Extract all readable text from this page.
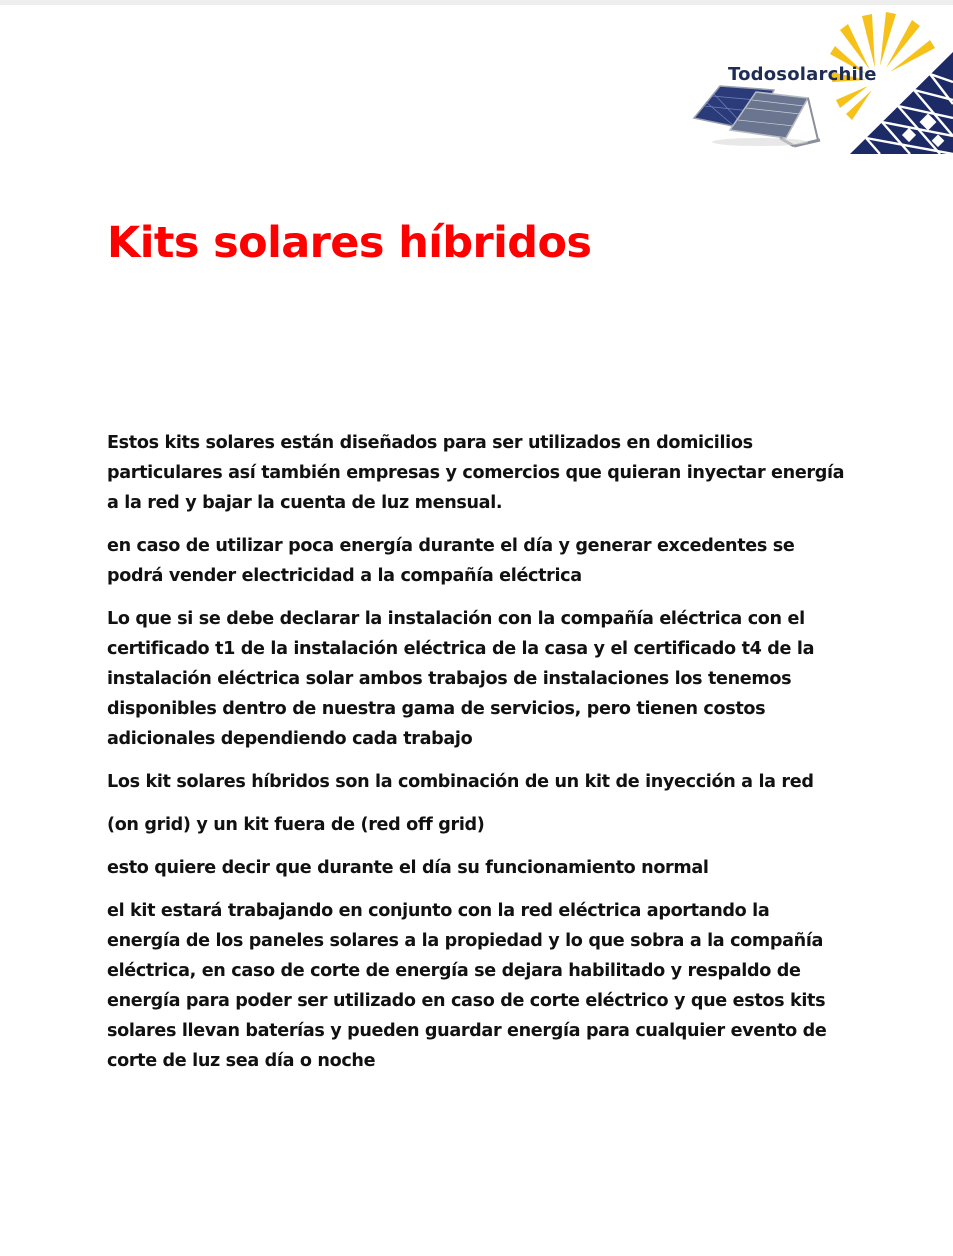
Todosolarchile
Kits solares híbridos

Estos kits solares están diseñados para ser utilizados en domicilios
particulares así también empresas y comercios que quieran inyectar energía
a la red y bajar la cuenta de luz mensual.

en caso de utilizar poca energía durante el día y generar excedentes se
podrá vender electricidad a la compañía eléctrica

Lo que si se debe declarar la instalación con la compañía eléctrica con el
certificado t1 de la instalación eléctrica de la casa y el certificado t4 de la
instalación eléctrica solar ambos trabajos de instalaciones los tenemos
disponibles dentro de nuestra gama de servicios, pero tienen costos
adicionales dependiendo cada trabajo

Los kit solares híbridos son la combinación de un kit de inyección a la red

(on grid) y un kit fuera de (red off grid)

esto quiere decir que durante el día su funcionamiento normal

el kit estará trabajando en conjunto con la red eléctrica aportando la
energía de los paneles solares a la propiedad y lo que sobra a la compañía
eléctrica, en caso de corte de energía se dejara habilitado y respaldo de
energía para poder ser utilizado en caso de corte eléctrico y que estos kits
solares llevan baterías y pueden guardar energía para cualquier evento de
corte de luz sea día o noche
